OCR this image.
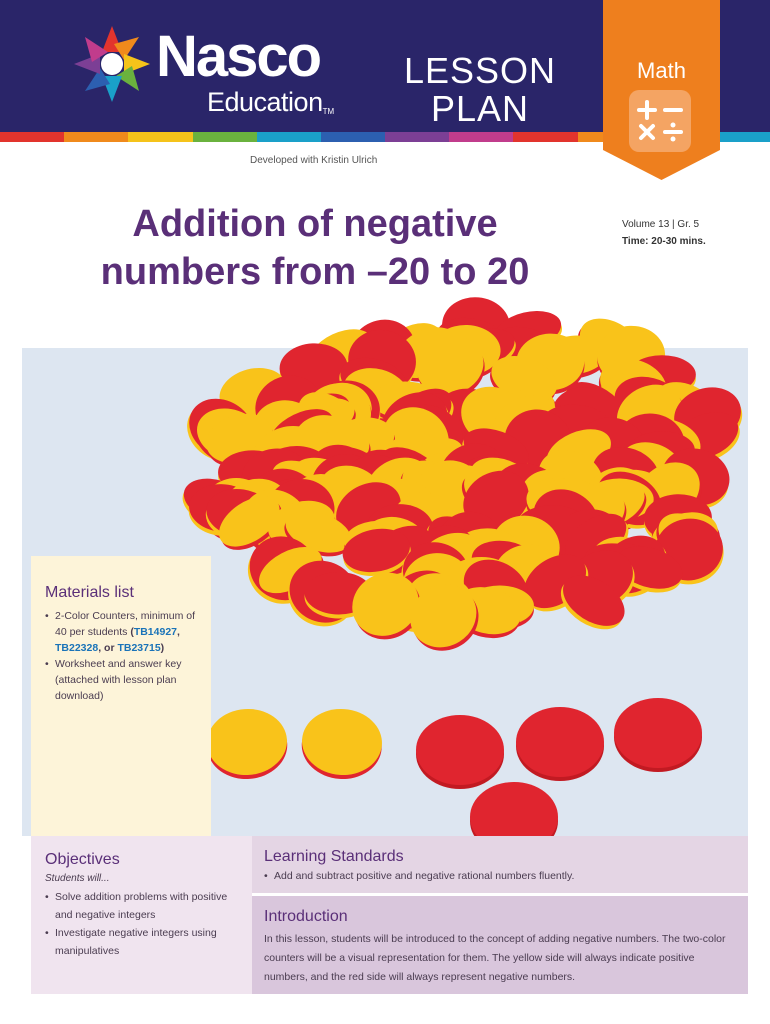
Nasco
EducationTM
LESSON
PLAN
Math
Developed with Kristin Ulrich
Addition of negative
numbers from –20 to 20
Volume 13 | Gr. 5
Time: 20-30 mins.
Materials list
• 2-Color Counters, minimum of 40 per students (TB14927, TB22328, or TB23715)
• Worksheet and answer key (attached with lesson plan download)
Objectives
Students will...
• Solve addition problems with positive and negative integers
• Investigate negative integers using manipulatives
Learning Standards
• Add and subtract positive and negative rational numbers fluently.
Introduction

In this lesson, students will be introduced to the concept of adding negative numbers. The two-color counters will be a visual representation for them. The yellow side will always indicate positive numbers, and the red side will always represent negative numbers.
